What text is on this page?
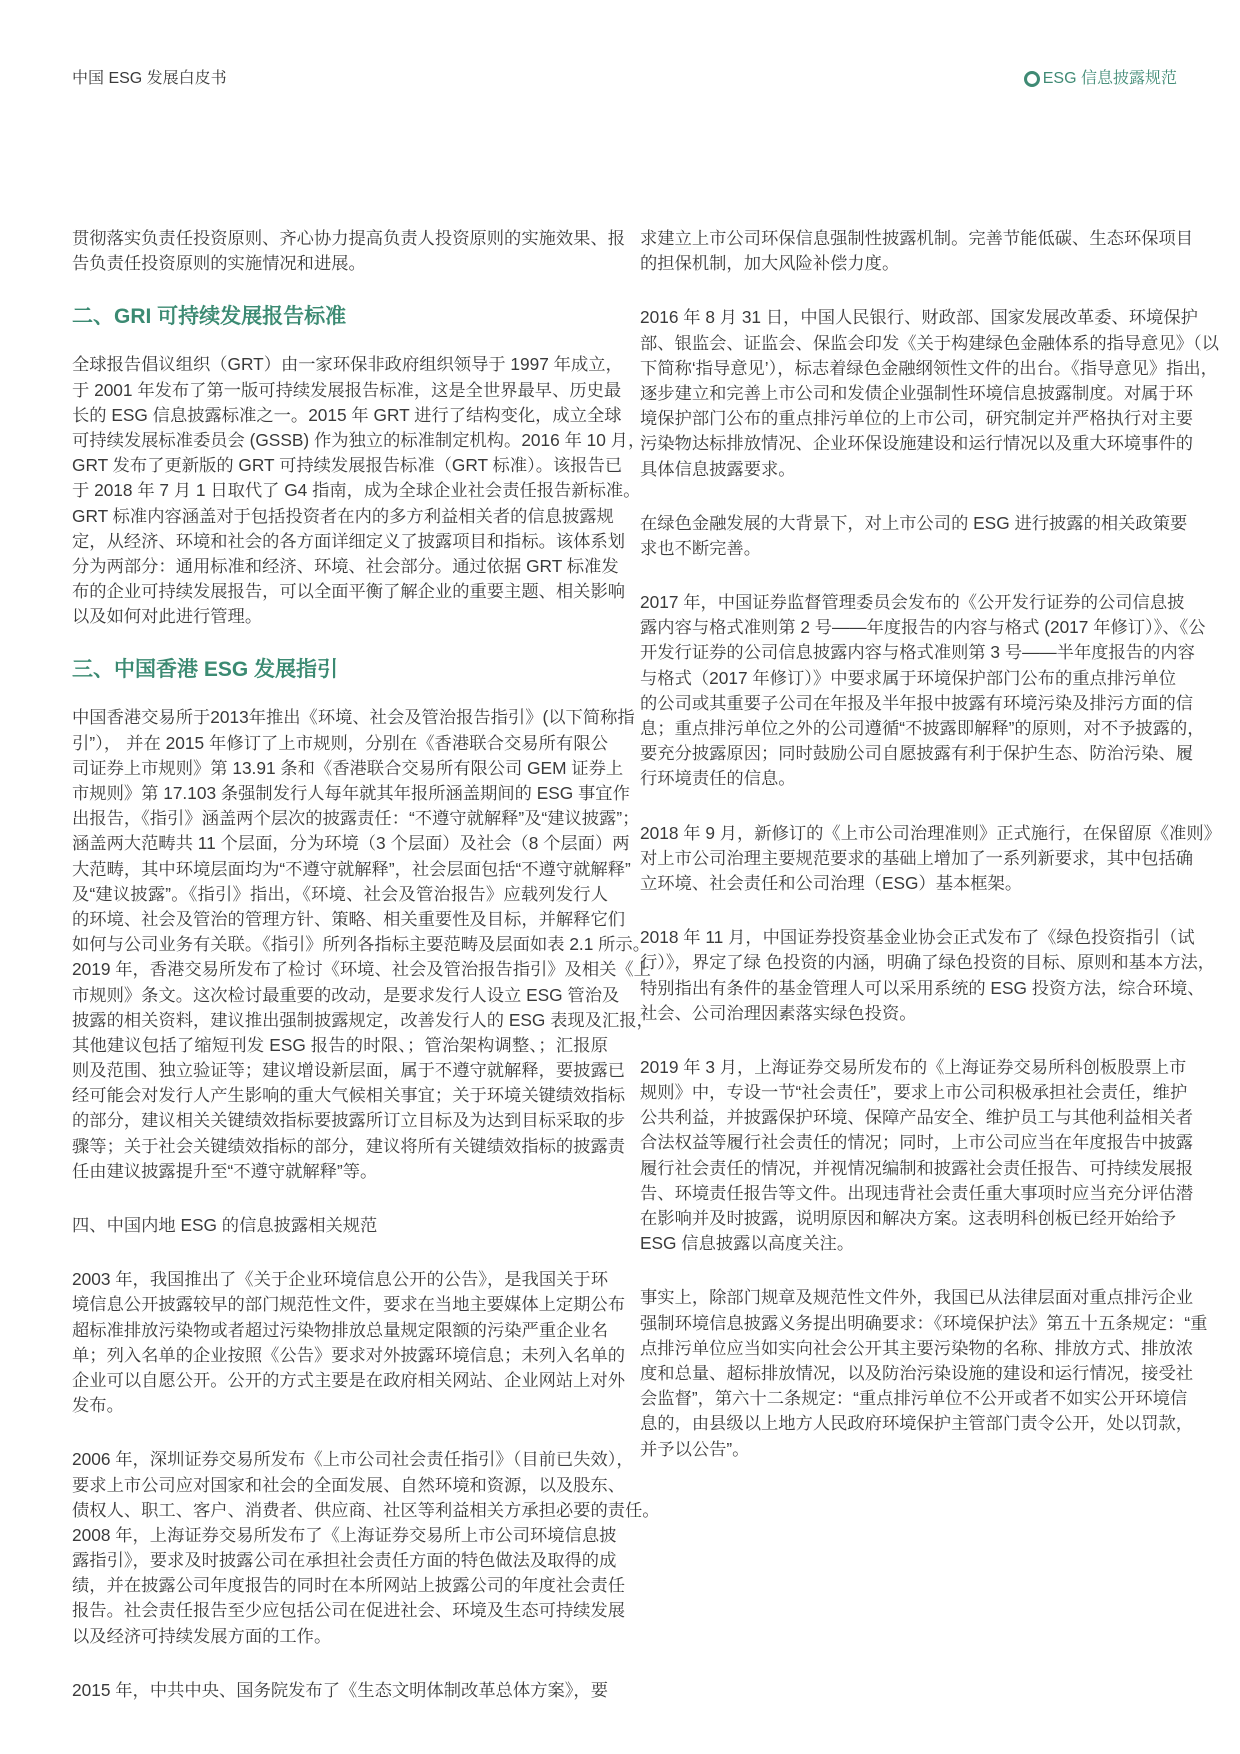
中国 ESG 发展白皮书	ESG 信息披露规范
贯彻落实负责任投资原则、齐心协力提高负责人投资原则的实施效果、报
告负责任投资原则的实施情况和进展。
二、GRI 可持续发展报告标准
全球报告倡议组织（GRT）由一家环保非政府组织领导于 1997 年成立，
于 2001 年发布了第一版可持续发展报告标准，这是全世界最早、历史最
长的 ESG 信息披露标准之一。2015 年 GRT 进行了结构变化，成立全球
可持续发展标准委员会 (GSSB) 作为独立的标准制定机构。2016 年 10 月，
GRT 发布了更新版的 GRT 可持续发展报告标准（GRT 标准）。该报告已
于 2018 年 7 月 1 日取代了 G4 指南，成为全球企业社会责任报告新标准。
GRT 标准内容涵盖对于包括投资者在内的多方利益相关者的信息披露规
定，从经济、环境和社会的各方面详细定义了披露项目和指标。该体系划
分为两部分：通用标准和经济、环境、社会部分。通过依据 GRT 标准发
布的企业可持续发展报告，可以全面平衡了解企业的重要主题、相关影响
以及如何对此进行管理。
三、中国香港 ESG 发展指引
中国香港交易所于2013年推出《环境、社会及管治报告指引》(以下简称指
引”）， 并在 2015 年修订了上市规则，分别在《香港联合交易所有限公
司证券上市规则》第 13.91 条和《香港联合交易所有限公司 GEM 证券上
市规则》第 17.103 条强制发行人每年就其年报所涵盖期间的 ESG 事宜作
出报告，《指引》涵盖两个层次的披露责任：“不遵守就解释”及“建议披露”；
涵盖两大范畴共 11 个层面，分为环境（3 个层面）及社会（8 个层面）两
大范畴，其中环境层面均为“不遵守就解释”，社会层面包括“不遵守就解释”
及“建议披露”。《指引》指出，《环境、社会及管治报告》应载列发行人
的环境、社会及管治的管理方针、策略、相关重要性及目标，并解释它们
如何与公司业务有关联。《指引》所列各指标主要范畴及层面如表 2.1 所示。
2019 年，香港交易所发布了检讨《环境、社会及管治报告指引》及相关《上
市规则》条文。这次检讨最重要的改动，是要求发行人设立 ESG 管治及
披露的相关资料，建议推出强制披露规定，改善发行人的 ESG 表现及汇报，
其他建议包括了缩短刊发 ESG 报告的时限、；管治架构调整、；汇报原
则及范围、独立验证等；建议增设新层面，属于不遵守就解释，要披露已
经可能会对发行人产生影响的重大气候相关事宜；关于环境关键绩效指标
的部分，建议相关关键绩效指标要披露所订立目标及为达到目标采取的步
骤等；关于社会关键绩效指标的部分，建议将所有关键绩效指标的披露责
任由建议披露提升至“不遵守就解释”等。
四、中国内地 ESG 的信息披露相关规范
2003 年，我国推出了《关于企业环境信息公开的公告》，是我国关于环
境信息公开披露较早的部门规范性文件，要求在当地主要媒体上定期公布
超标准排放污染物或者超过污染物排放总量规定限额的污染严重企业名
单；列入名单的企业按照《公告》要求对外披露环境信息；未列入名单的
企业可以自愿公开。公开的方式主要是在政府相关网站、企业网站上对外
发布。
2006 年，深圳证券交易所发布《上市公司社会责任指引》（目前已失效），
要求上市公司应对国家和社会的全面发展、自然环境和资源，以及股东、
债权人、职工、客户、消费者、供应商、社区等利益相关方承担必要的责任。
2008 年，上海证券交易所发布了《上海证券交易所上市公司环境信息披
露指引》，要求及时披露公司在承担社会责任方面的特色做法及取得的成
绩，并在披露公司年度报告的同时在本所网站上披露公司的年度社会责任
报告。社会责任报告至少应包括公司在促进社会、环境及生态可持续发展
以及经济可持续发展方面的工作。
2015 年，中共中央、国务院发布了《生态文明体制改革总体方案》，要
求建立上市公司环保信息强制性披露机制。完善节能低碳、生态环保项目
的担保机制，加大风险补偿力度。
2016 年 8 月 31 日，中国人民银行、财政部、国家发展改革委、环境保护
部、银监会、证监会、保监会印发《关于构建绿色金融体系的指导意见》（以
下简称‘指导意见’），标志着绿色金融纲领性文件的出台。《指导意见》指出，
逐步建立和完善上市公司和发债企业强制性环境信息披露制度。对属于环
境保护部门公布的重点排污单位的上市公司，研究制定并严格执行对主要
污染物达标排放情况、企业环保设施建设和运行情况以及重大环境事件的
具体信息披露要求。
在绿色金融发展的大背景下，对上市公司的 ESG 进行披露的相关政策要
求也不断完善。
2017 年，中国证券监督管理委员会发布的《公开发行证券的公司信息披
露内容与格式准则第 2 号——年度报告的内容与格式 (2017 年修订）》、《公
开发行证券的公司信息披露内容与格式准则第 3 号——半年度报告的内容
与格式（2017 年修订）》中要求属于环境保护部门公布的重点排污单位
的公司或其重要子公司在年报及半年报中披露有环境污染及排污方面的信
息；重点排污单位之外的公司遵循“不披露即解释”的原则，对不予披露的，
要充分披露原因；同时鼓励公司自愿披露有利于保护生态、防治污染、履
行环境责任的信息。
2018 年 9 月，新修订的《上市公司治理准则》正式施行，在保留原《准则》
对上市公司治理主要规范要求的基础上增加了一系列新要求，其中包括确
立环境、社会责任和公司治理（ESG）基本框架。
2018 年 11 月，中国证券投资基金业协会正式发布了《绿色投资指引（试
行）》，界定了绿 色投资的内涵，明确了绿色投资的目标、原则和基本方法，
特别指出有条件的基金管理人可以采用系统的 ESG 投资方法，综合环境、
社会、公司治理因素落实绿色投资。
2019 年 3 月，上海证券交易所发布的《上海证券交易所科创板股票上市
规则》中，专设一节“社会责任”，要求上市公司积极承担社会责任，维护
公共利益，并披露保护环境、保障产品安全、维护员工与其他利益相关者
合法权益等履行社会责任的情况；同时，上市公司应当在年度报告中披露
履行社会责任的情况，并视情况编制和披露社会责任报告、可持续发展报
告、环境责任报告等文件。出现违背社会责任重大事项时应当充分评估潜
在影响并及时披露，说明原因和解决方案。这表明科创板已经开始给予
ESG 信息披露以高度关注。
事实上，除部门规章及规范性文件外，我国已从法律层面对重点排污企业
强制环境信息披露义务提出明确要求：《环境保护法》第五十五条规定：“重
点排污单位应当如实向社会公开其主要污染物的名称、排放方式、排放浓
度和总量、超标排放情况，以及防治污染设施的建设和运行情况，接受社
会监督”，第六十二条规定：“重点排污单位不公开或者不如实公开环境信
息的，由县级以上地方人民政府环境保护主管部门责令公开，处以罚款，
并予以公告”。
